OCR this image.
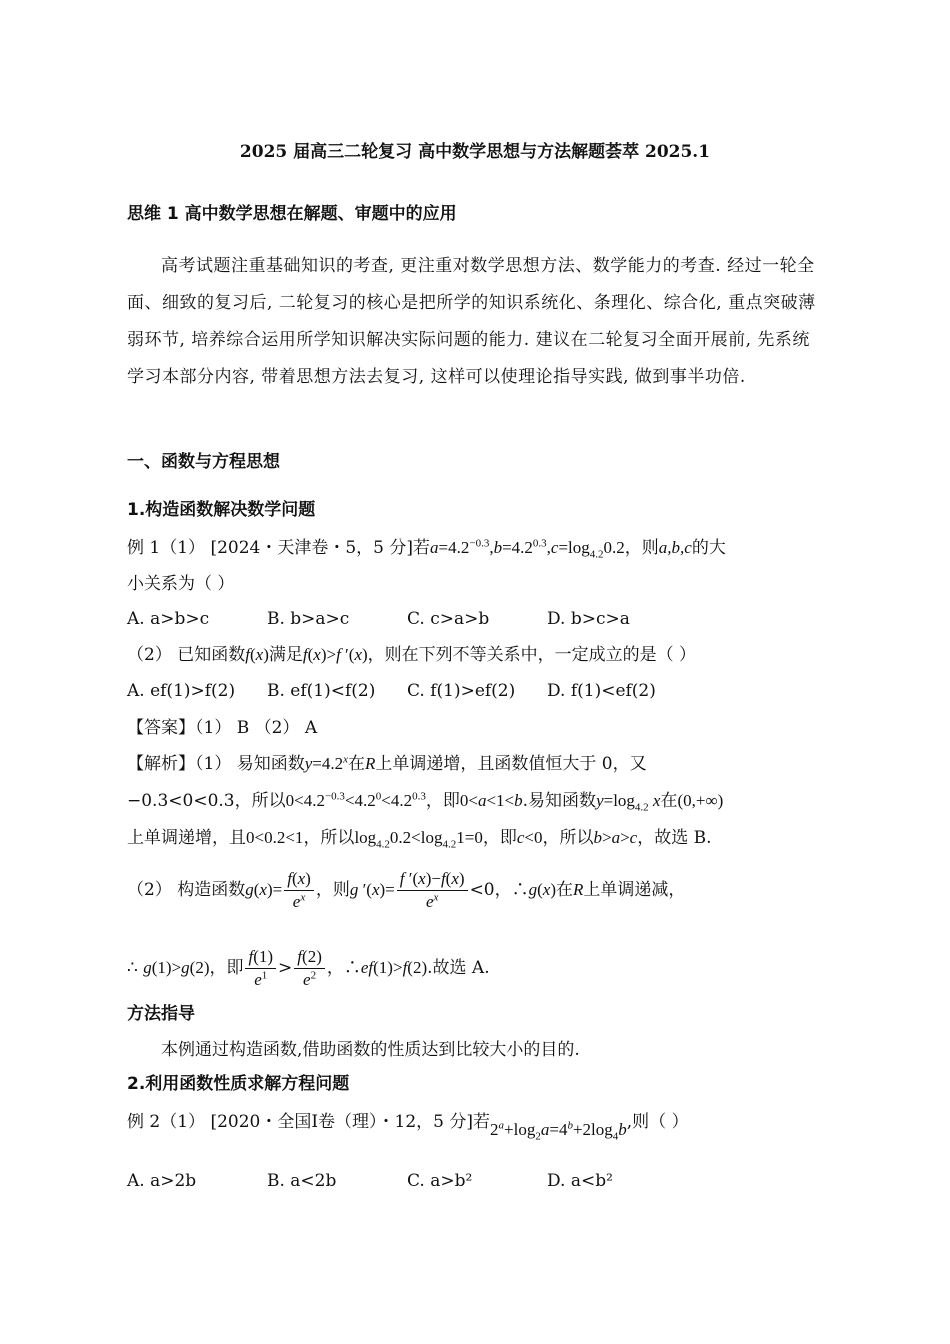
2025 届高三二轮复习 高中数学思想与方法解题荟萃 2025.1
思维 1 高中数学思想在解题、审题中的应用
高考试题注重基础知识的考查, 更注重对数学思想方法、数学能力的考查. 经过一轮全面、细致的复习后, 二轮复习的核心是把所学的知识系统化、条理化、综合化, 重点突破薄弱环节, 培养综合运用所学知识解决实际问题的能力. 建议在二轮复习全面开展前, 先系统学习本部分内容, 带着思想方法去复习, 这样可以使理论指导实践, 做到事半功倍.
一、函数与方程思想
1.构造函数解决数学问题
例 1（1） [2024・天津卷・5，5 分]若$a=4.2^{-0.3},b=4.2^{0.3},c=\log_{4.2}0.2$，则a,b,c的大
小关系为（ ）
A. a>b>c	B. b>a>c	C. c>a>b	D. b>c>a
（2） 已知函数f(x)满足f(x)>f ′(x)，则在下列不等关系中，一定成立的是（ ）
A. ef(1)>f(2) B. ef(1)<f(2) C. f(1)>ef(2) D. f(1)<ef(2)
【答案】（1） B （2） A
【解析】（1） 易知函数$y=4.2^x$在R上单调递增，且函数值恒大于 0，又
−0.3<0<0.3，所以$0<4.2^{-0.3}<4.2^0<4.2^{0.3}$，即0<a<1<b.易知函数$y=\log_{4.2}$ x在(0,+∞)
上单调递增，且0<0.2<1，所以$\log_{4.2}0.2<\log_{4.2}1=0$，即c<0，所以b>a>c，故选 B.
（2） 构造函数$g(x)= \frac{f(x)}{e^x}$ ，则g $'(x)= \frac{f '(x)-f(x)}{e^x} <0$，∴g(x)在R上单调递减，
∴ g(1)>g(2)，即 $\frac{f(1)}{e^1} > \frac{f(2)}{e^2}$ ，∴ef(1)>f(2).故选 A.
方法指导
本例通过构造函数,借助函数的性质达到比较大小的目的.
2.利用函数性质求解方程问题
例 2（1） [2020・全国Ⅰ卷（理）・12，5 分]若$2^a+\log_2a=4^b+2\log_4b$,则（ ）
A. a>2b	B. a<2b	C. a>b²	D. a<b²
